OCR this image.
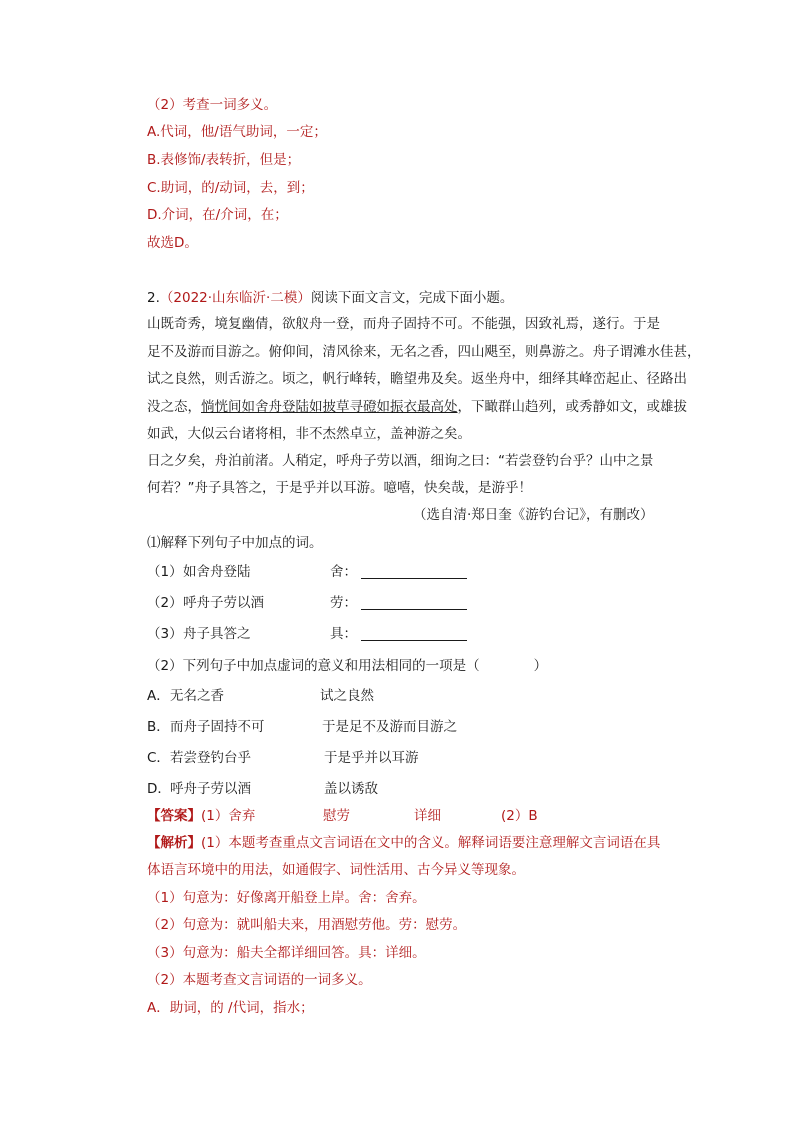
（2）考查一词多义。
A.代词，他/语气助词，一定；
B.表修饰/表转折，但是；
C.助词，的/动词，去，到；
D.介词，在/介词，在；
故选D。
2.（2022·山东临沂·二模）阅读下面文言文，完成下面小题。
山既奇秀，境复幽倩，欲舣舟一登，而舟子固持不可。不能强，因致礼焉，遂行。于是
足不及游而目游之。俯仰间，清风徐来，无名之香，四山飓至，则鼻游之。舟子谓滩水佳甚，
试之良然，则舌游之。顷之，帆行峰转，瞻望弗及矣。返坐舟中，细绎其峰峦起止、径路出
没之态，惝恍间如舍舟登陆如披草寻磴如振衣最高处，下瞰群山趋列，或秀静如文，或雄拔
如武，大似云台诸将相，非不杰然卓立，盖神游之矣。
日之夕矣，舟泊前渚。人稍定，呼舟子劳以酒，细询之曰：“若尝登钓台乎？山中之景
何若？”舟子具答之，于是乎并以耳游。噫嘻，快矣哉，是游乎！
（选自清·郑日奎《游钓台记》，有删改）
⑴解释下列句子中加点的词。
（1） 如舍舟登陆	舍：
（2） 呼舟子劳以酒	劳：
（3） 舟子具答之	具：
（2）下列句子中加点虚词的意义和用法相同的一项是（　　　　）
A． 无名之香	试之良然
B． 而舟子固持不可	于是足不及游而目游之
C． 若尝登钓台乎	于是乎并以耳游
D． 呼舟子劳以酒	盖以诱敌
【答案】(1）舍弃	慰劳	详细	(2）B
【解析】(1）本题考查重点文言词语在文中的含义。解释词语要注意理解文言词语在具
体语言环境中的用法，如通假字、词性活用、古今异义等现象。
（1）句意为：好像离开船登上岸。舍：舍弃。
（2）句意为：就叫船夫来，用酒慰劳他。劳：慰劳。
（3）句意为：船夫全都详细回答。具：详细。
（2）本题考查文言词语的一词多义。
A．助词，的 /代词，指水；
